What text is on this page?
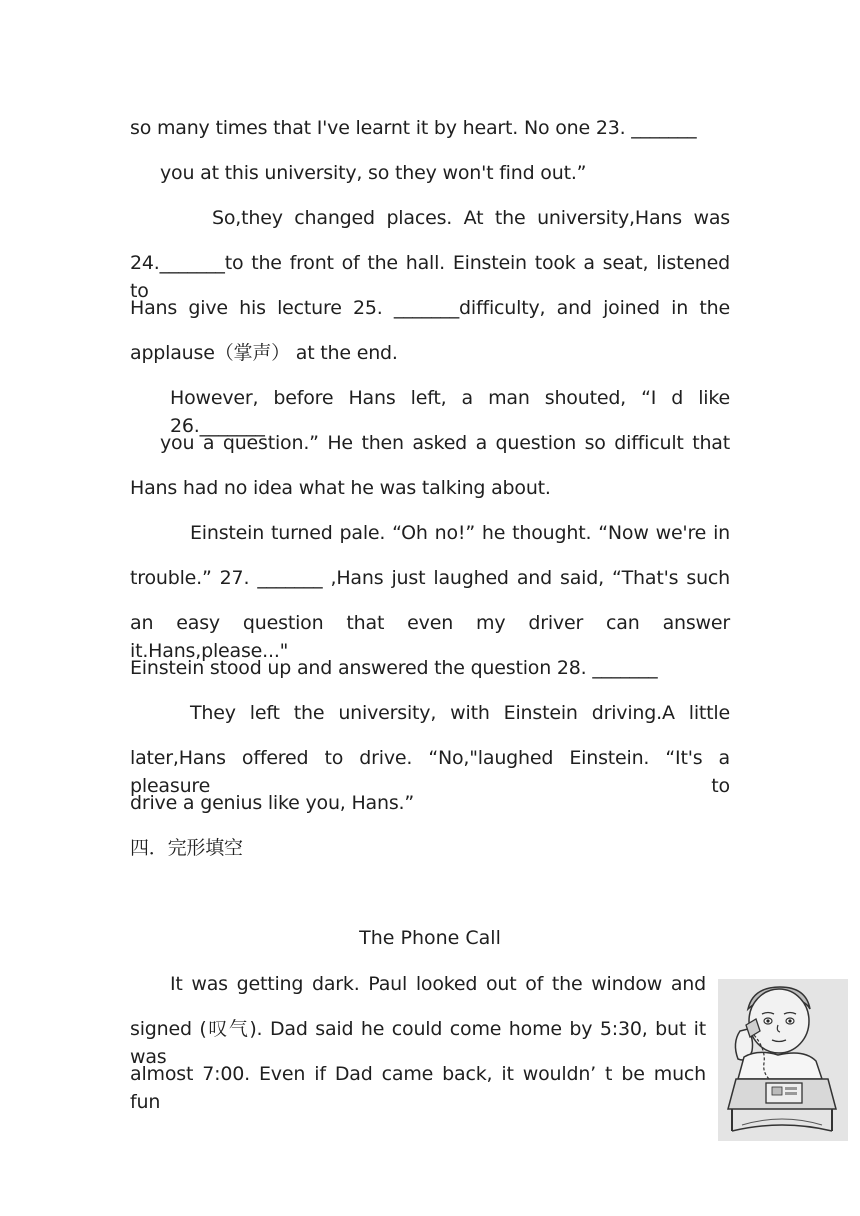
so many times that I've learnt it by heart. No one 23. _______
you at this university, so they won't find out.”
So,they changed places. At the university,Hans was
24._______to the front of the hall. Einstein took a seat, listened to
Hans give his lecture 25. _______difficulty, and joined in the
applause（掌声） at the end.
However, before Hans left, a man shouted, “I d like 26._______
you a question.” He then asked a question so difficult that
Hans had no idea what he was talking about.
Einstein turned pale. “Oh no!” he thought. “Now we're in
trouble.” 27. _______ ,Hans just laughed and said, “That's such
an easy question that even my driver can answer it.Hans,please..."
Einstein stood up and answered the question 28. _______
They left the university, with Einstein driving.A little
later,Hans offered to drive. “No,"laughed Einstein. “It's a pleasure to
drive a genius like you, Hans.”
四．完形填空
The Phone Call
It was getting dark. Paul looked out of the window and
signed (叹气). Dad said he could come home by 5:30, but it was
almost 7:00. Even if Dad came back, it wouldn’ t be much fun
